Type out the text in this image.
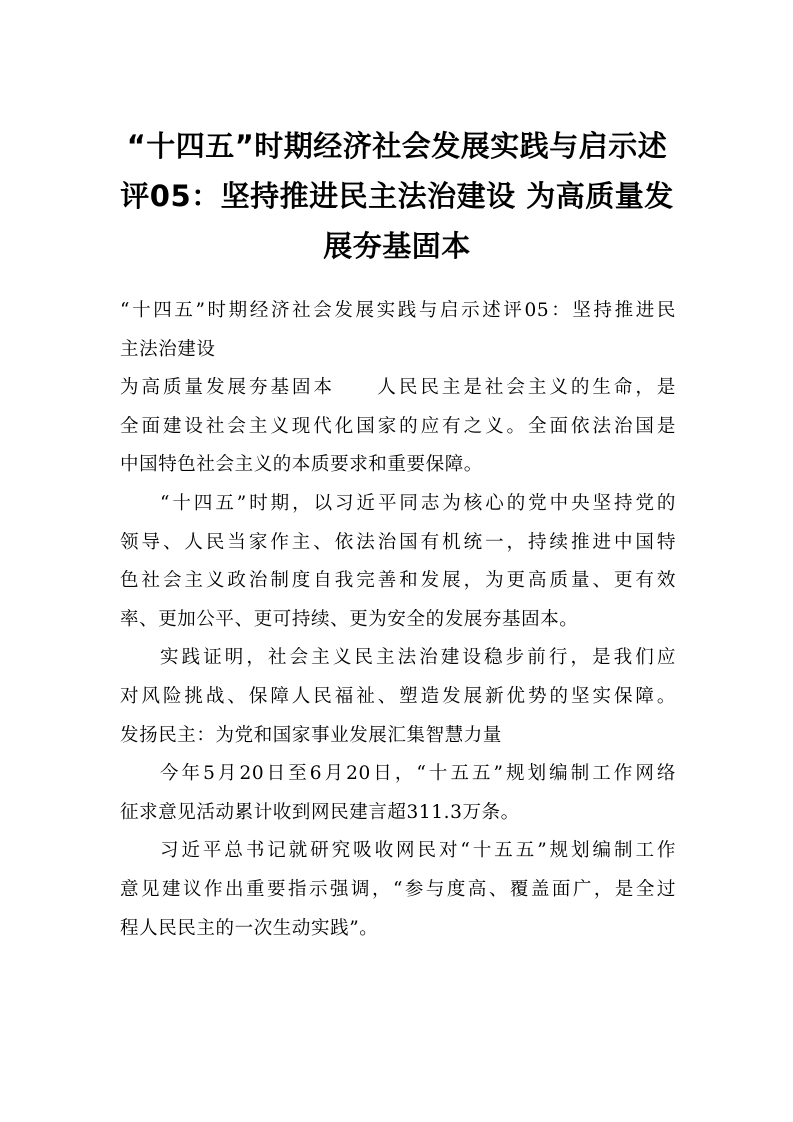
“十四五”时期经济社会发展实践与启示述
评05：坚持推进民主法治建设 为高质量发
展夯基固本

“十四五”时期经济社会发展实践与启示述评05：坚持推进民
主法治建设

为高质量发展夯基固本 人民民主是社会主义的生命，是
全面建设社会主义现代化国家的应有之义。全面依法治国是
中国特色社会主义的本质要求和重要保障。

“十四五”时期，以习近平同志为核心的党中央坚持党的
领导、人民当家作主、依法治国有机统一，持续推进中国特
色社会主义政治制度自我完善和发展，为更高质量、更有效
率、更加公平、更可持续、更为安全的发展夯基固本。

实践证明，社会主义民主法治建设稳步前行，是我们应
对风险挑战、保障人民福祉、塑造发展新优势的坚实保障。

发扬民主：为党和国家事业发展汇集智慧力量

今年5月20日至6月20日，“十五五”规划编制工作网络
征求意见活动累计收到网民建言超311.3万条。

习近平总书记就研究吸收网民对“十五五”规划编制工作
意见建议作出重要指示强调，“参与度高、覆盖面广，是全过
程人民民主的一次生动实践”。
